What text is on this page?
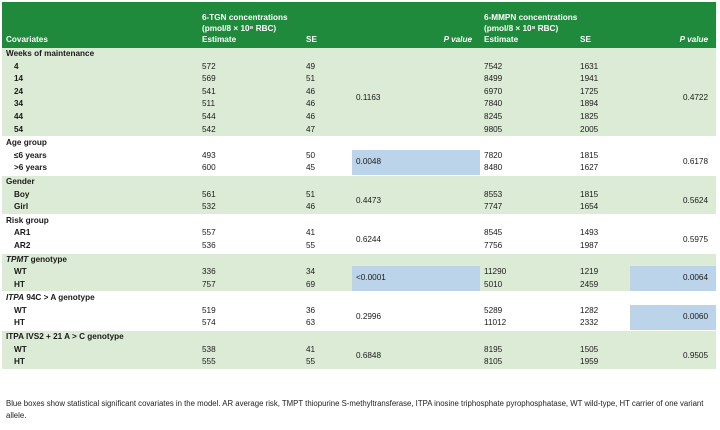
	6-TGN concentrations			6-MMPN concentrations		
	(pmol/8 × 10⁸ RBC)			(pmol/8 × 10⁸ RBC)		
Covariates	Estimate	SE	P value	Estimate	SE	P value
Weeks of maintenance						
4	572	49	0.1163	7542	1631	0.4722
14	569	51		8499	1941	
24	541	46		6970	1725	
34	511	46		7840	1894	
44	544	46		8245	1825	
54	542	47		9805	2005	
Age group						
≤6 years	493	50	0.0048	7820	1815	0.6178
>6 years	600	45		8480	1627	
Gender						
Boy	561	51	0.4473	8553	1815	0.5624
Girl	532	46		7747	1654	
Risk group						
AR1	557	41	0.6244	8545	1493	0.5975
AR2	536	55		7756	1987	
TPMT genotype						
WT	336	34	<0.0001	11290	1219	0.0064
HT	757	69		5010	2459	
ITPA 94C > A genotype						
WT	519	36	0.2996	5289	1282	0.0060
HT	574	63		11012	2332	
ITPA IVS2 + 21 A > C genotype						
WT	538	41	0.6848	8195	1505	0.9505
HT	555	55		8105	1959	
Blue boxes show statistical significant covariates in the model. AR average risk, TMPT thiopurine S-methyltransferase, ITPA inosine triphosphate pyrophosphatase, WT wild-type, HT carrier of one variant allele.
